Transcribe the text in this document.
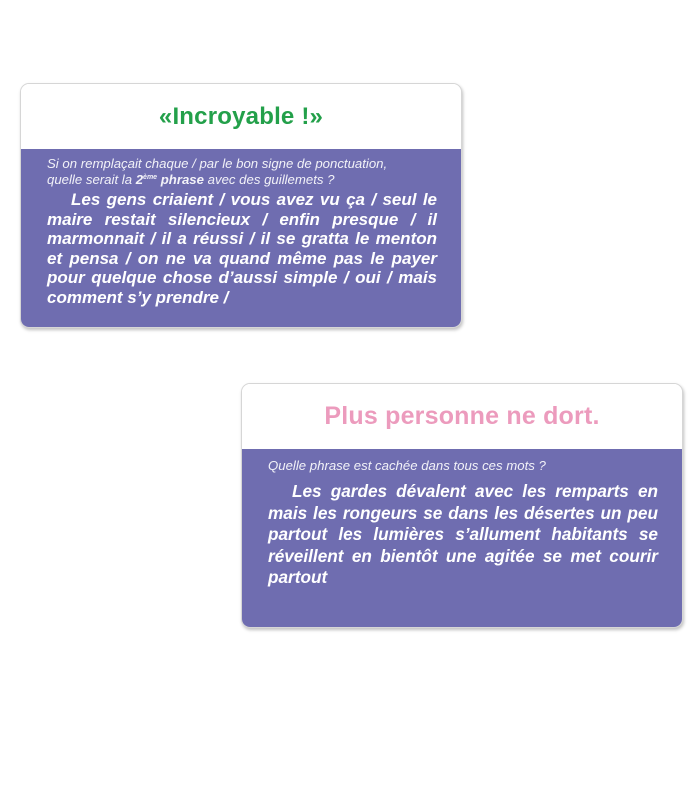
«Incroyable !»
Si on remplaçait chaque / par le bon signe de ponctuation,
quelle serait la 2ème phrase avec des guillemets ?
Les gens criaient / vous avez vu ça / seul le maire restait silencieux / enfin presque / il marmonnait / il a réussi / il se gratta le menton et pensa / on ne va quand même pas le payer pour quelque chose d’aussi simple / oui / mais comment s’y prendre /
Plus personne ne dort.
Quelle phrase est cachée dans tous ces mots ?
Les gardes dévalent avec les remparts en mais les rongeurs se dans les désertes un peu partout les lumières s’allument habitants se réveillent en bientôt une agitée se met courir partout
